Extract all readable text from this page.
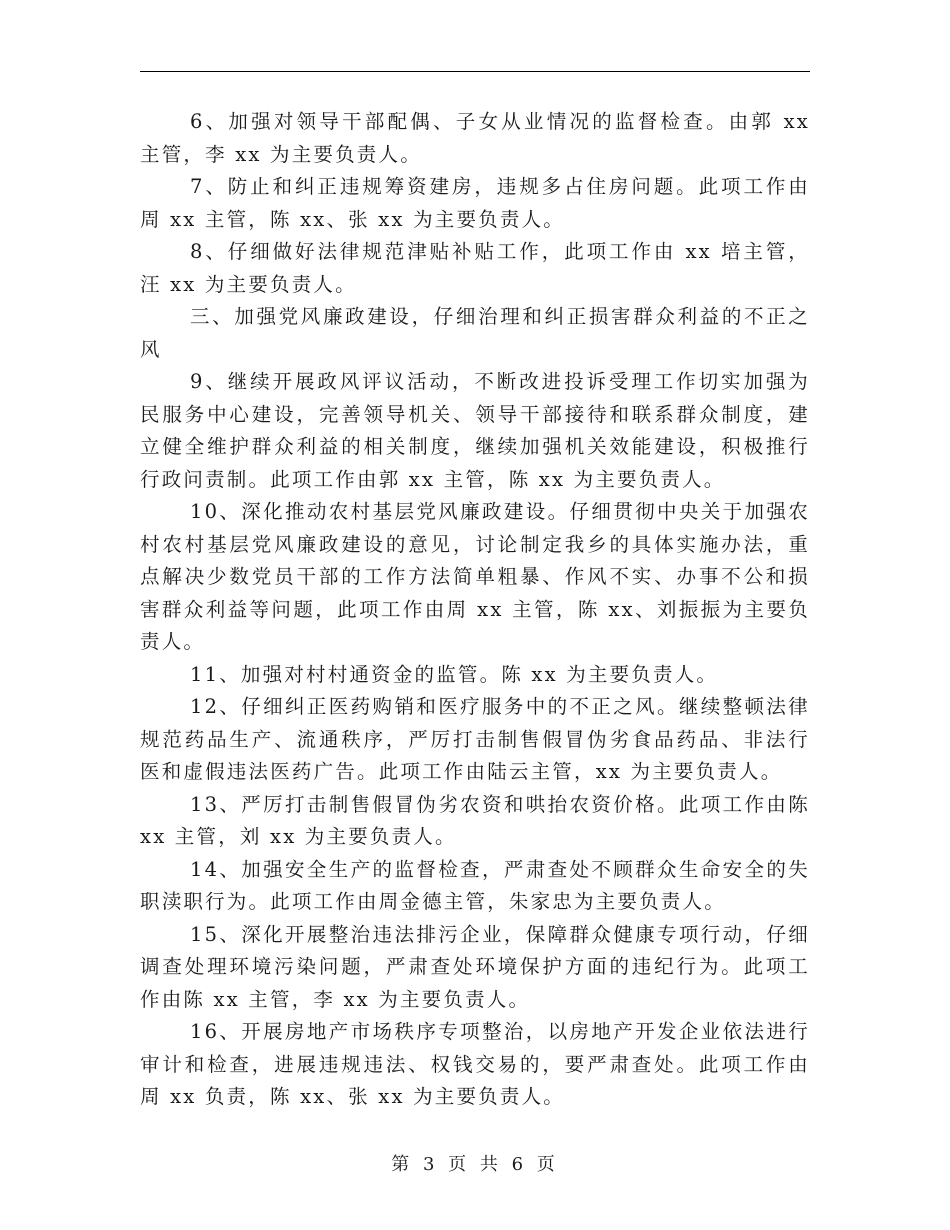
6、加强对领导干部配偶、子女从业情况的监督检查。由郭 xx 主管，李 xx 为主要负责人。

7、防止和纠正违规筹资建房，违规多占住房问题。此项工作由周 xx 主管，陈 xx、张 xx 为主要负责人。

8、仔细做好法律规范津贴补贴工作，此项工作由 xx 培主管，汪 xx 为主要负责人。

三、加强党风廉政建设，仔细治理和纠正损害群众利益的不正之风

9、继续开展政风评议活动，不断改进投诉受理工作切实加强为民服务中心建设，完善领导机关、领导干部接待和联系群众制度，建立健全维护群众利益的相关制度，继续加强机关效能建设，积极推行行政问责制。此项工作由郭 xx 主管，陈 xx 为主要负责人。

10、深化推动农村基层党风廉政建设。仔细贯彻中央关于加强农村农村基层党风廉政建设的意见，讨论制定我乡的具体实施办法，重点解决少数党员干部的工作方法简单粗暴、作风不实、办事不公和损害群众利益等问题，此项工作由周 xx 主管，陈 xx、刘振振为主要负责人。

11、加强对村村通资金的监管。陈 xx 为主要负责人。

12、仔细纠正医药购销和医疗服务中的不正之风。继续整顿法律规范药品生产、流通秩序，严厉打击制售假冒伪劣食品药品、非法行医和虚假违法医药广告。此项工作由陆云主管，xx 为主要负责人。

13、严厉打击制售假冒伪劣农资和哄抬农资价格。此项工作由陈 xx 主管，刘 xx 为主要负责人。

14、加强安全生产的监督检查，严肃查处不顾群众生命安全的失职渎职行为。此项工作由周金德主管，朱家忠为主要负责人。

15、深化开展整治违法排污企业，保障群众健康专项行动，仔细调查处理环境污染问题，严肃查处环境保护方面的违纪行为。此项工作由陈 xx 主管，李 xx 为主要负责人。

16、开展房地产市场秩序专项整治，以房地产开发企业依法进行审计和检查，进展违规违法、权钱交易的，要严肃查处。此项工作由周 xx 负责，陈 xx、张 xx 为主要负责人。

第 3 页 共 6 页
